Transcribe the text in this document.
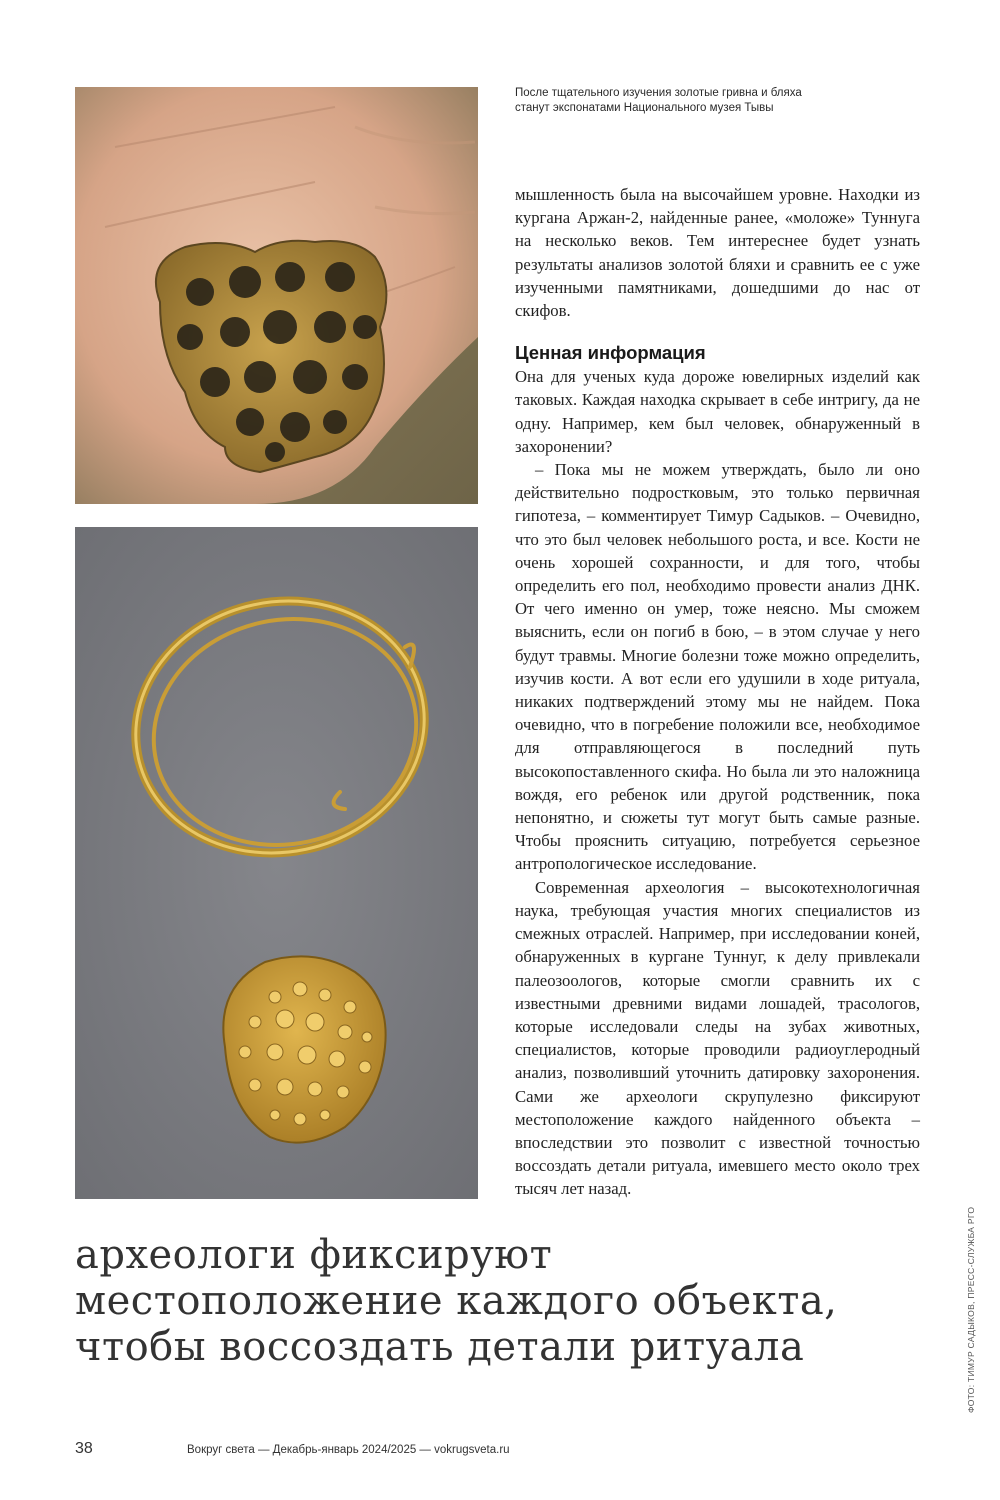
После тщательного изучения золотые гривна и бляха станут экспонатами Национального музея Тывы

мышленность была на высочайшем уровне. Находки из кургана Аржан-2, найденные ранее, «моложе» Туннуга на несколько веков. Тем интереснее будет узнать результаты анализов золотой бляхи и сравнить ее с уже изученными памятниками, дошедшими до нас от скифов.

Ценная информация

Она для ученых куда дороже ювелирных изделий как таковых. Каждая находка скрывает в себе интригу, да не одну. Например, кем был человек, обнаруженный в захоронении?

– Пока мы не можем утверждать, было ли оно действительно подростковым, это только первичная гипотеза, – комментирует Тимур Садыков. – Очевидно, что это был человек небольшого роста, и все. Кости не очень хорошей сохранности, и для того, чтобы определить его пол, необходимо провести анализ ДНК. От чего именно он умер, тоже неясно. Мы сможем выяснить, если он погиб в бою, – в этом случае у него будут травмы. Многие болезни тоже можно определить, изучив кости. А вот если его удушили в ходе ритуала, никаких подтверждений этому мы не найдем. Пока очевидно, что в погребение положили все, необходимое для отправляющегося в последний путь высокопоставленного скифа. Но была ли это наложница вождя, его ребенок или другой родственник, пока непонятно, и сюжеты тут могут быть самые разные. Чтобы прояснить ситуацию, потребуется серьезное антропологическое исследование.

Современная археология – высокотехнологичная наука, требующая участия многих специалистов из смежных отраслей. Например, при исследовании коней, обнаруженных в кургане Туннуг, к делу привлекали палеозоологов, которые смогли сравнить их с известными древними видами лошадей, трасологов, которые исследовали следы на зубах животных, специалистов, которые проводили радиоуглеродный анализ, позволивший уточнить датировку захоронения. Сами же археологи скрупулезно фиксируют местоположение каждого найденного объекта – впоследствии это позволит с известной точностью воссоздать детали ритуала, имевшего место около трех тысяч лет назад.

археологи фиксируют
местоположение каждого объекта,
чтобы воссоздать детали ритуала	ФОТО: ТИМУР САДЫКОВ, ПРЕСС-СЛУЖБА РГО
38	Вокруг света — Декабрь-январь 2024/2025 — vokrugsveta.ru
